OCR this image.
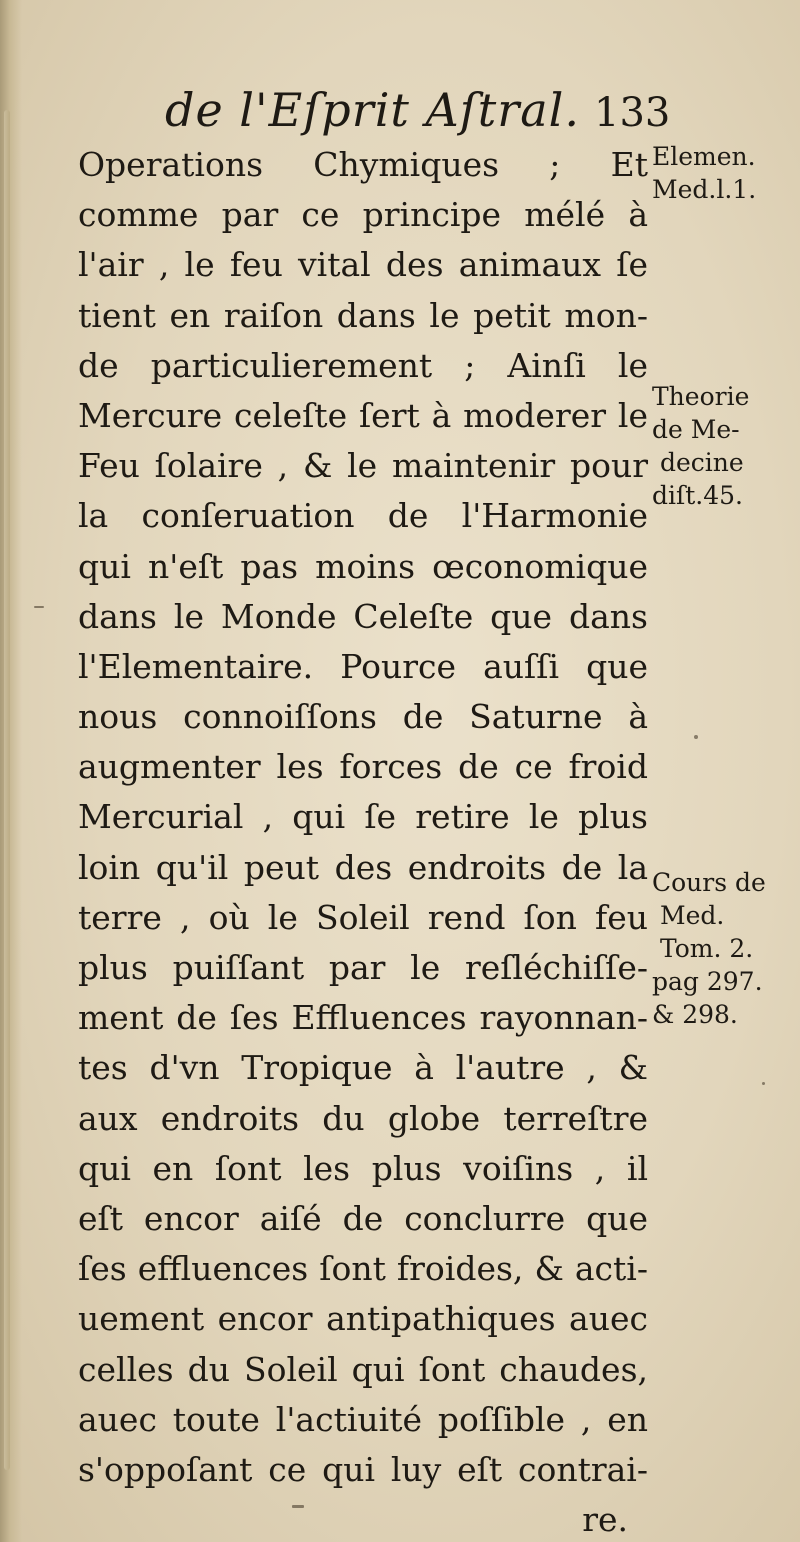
de l'Eſprit Aſtral. 133
Operations Chymiques ; Et
comme par ce principe mélé à
l'air , le feu vital des animaux ſe
tient en raiſon dans le petit mon-
de particulierement ; Ainſi le
Mercure celeſte ſert à moderer le
Feu ſolaire , & le maintenir pour
la conſeruation de l'Harmonie
qui n'eſt pas moins œconomique
dans le Monde Celeſte que dans
l'Elementaire. Pource auſſi que
nous connoiſſons de Saturne à
augmenter les forces de ce froid
Mercurial , qui ſe retire le plus
loin qu'il peut des endroits de la
terre , où le Soleil rend ſon feu
plus puiſſant par le reſléchiſſe-
ment de ſes Effluences rayonnan-
tes d'vn Tropique à l'autre , &
aux endroits du globe terreſtre
qui en ſont les plus voiſins , il
eſt encor aiſé de conclurre que
ſes effluences ſont froides, & acti-
uement encor antipathiques auec
celles du Soleil qui ſont chaudes,
auec toute l'actiuité poſſible , en
s'oppoſant ce qui luy eſt contrai-
re.
Elemen.
Med.l.1.
Theorie
de Me-
decine
diſt.45.
Cours de
Med.
Tom. 2.
pag 297.
& 298.
